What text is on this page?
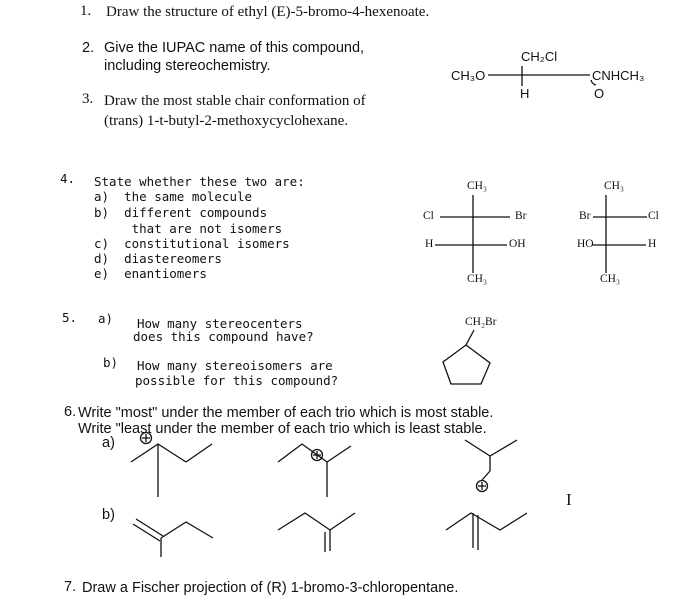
1. Draw the structure of ethyl (E)-5-bromo-4-hexenoate.
2. Give the IUPAC name of this compound,
including stereochemistry.
CH₂Cl
CH₃O	CNHCH₃
H	O
3. Draw the most stable chair conformation of
(trans) 1-t-butyl-2-methoxycyclohexane.
4. State whether these two are:
a)  the same molecule
b)  different compounds
that are not isomers
c)  constitutional isomers
d)  diastereomers
e)  enantiomers
CH₃
Cl	Br
H	OH
CH₃
CH₃
Br	Cl
HO	H
CH₃
5. a) How many stereocenters
does this compound have?
b) How many stereoisomers are
possible for this compound?
CH₂Br
6. Write "most" under the member of each trio which is most stable.
Write "least under the member of each trio which is least stable.
a)
b)
I
7. Draw a Fischer projection of (R) 1-bromo-3-chloropentane.
